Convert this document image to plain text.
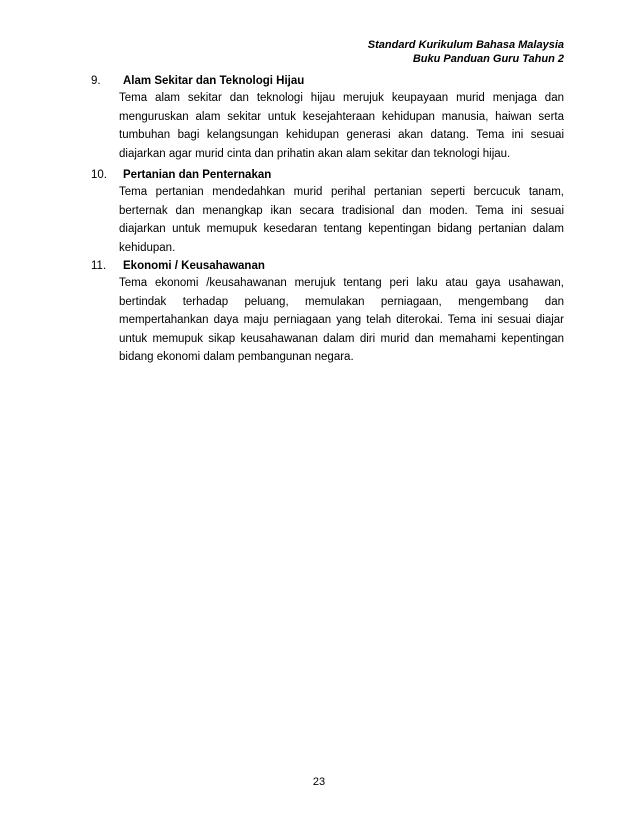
Standard Kurikulum Bahasa Malaysia
Buku Panduan Guru Tahun 2
9. Alam Sekitar dan Teknologi Hijau
Tema alam sekitar dan teknologi hijau merujuk keupayaan murid menjaga dan menguruskan alam sekitar untuk kesejahteraan kehidupan manusia, haiwan serta tumbuhan bagi kelangsungan kehidupan generasi akan datang. Tema ini sesuai diajarkan agar murid cinta dan prihatin akan alam sekitar dan teknologi hijau.
10. Pertanian dan Penternakan
Tema pertanian mendedahkan murid perihal pertanian seperti bercucuk tanam, berternak dan menangkap ikan secara tradisional dan moden. Tema ini sesuai diajarkan untuk memupuk kesedaran tentang kepentingan bidang pertanian dalam kehidupan.
11. Ekonomi / Keusahawanan
Tema ekonomi /keusahawanan merujuk tentang peri laku atau gaya usahawan, bertindak terhadap peluang, memulakan perniagaan, mengembang dan mempertahankan daya maju perniagaan yang telah diterokai. Tema ini sesuai diajar untuk memupuk sikap keusahawanan dalam diri murid dan memahami kepentingan bidang ekonomi dalam pembangunan negara.
23
